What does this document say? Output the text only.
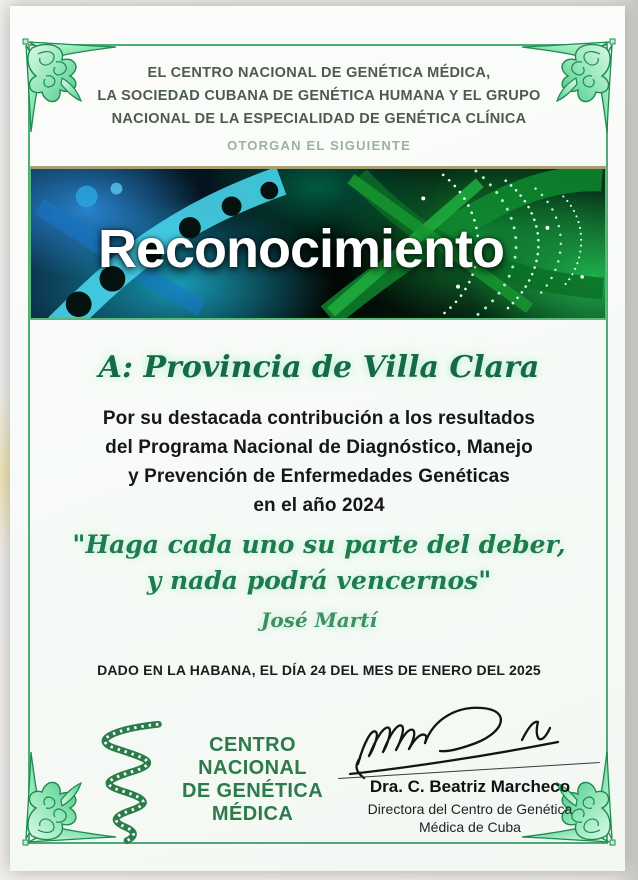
EL CENTRO NACIONAL DE GENÉTICA MÉDICA,
LA SOCIEDAD CUBANA DE GENÉTICA HUMANA Y EL GRUPO
NACIONAL DE LA ESPECIALIDAD DE GENÉTICA CLÍNICA
OTORGAN EL SIGUIENTE
Reconocimiento
A: Provincia de Villa Clara
Por su destacada contribución a los resultados
del Programa Nacional de Diagnóstico, Manejo
y Prevención de Enfermedades Genéticas
en el año 2024
"Haga cada uno su parte del deber,
y nada podrá vencernos"
José Martí
DADO EN LA HABANA, EL DÍA 24 DEL MES DE ENERO DEL 2025
CENTRO
NACIONAL
DE GENÉTICA
MÉDICA
Dra. C. Beatriz Marcheco
Directora del Centro de Genética
Médica de Cuba
